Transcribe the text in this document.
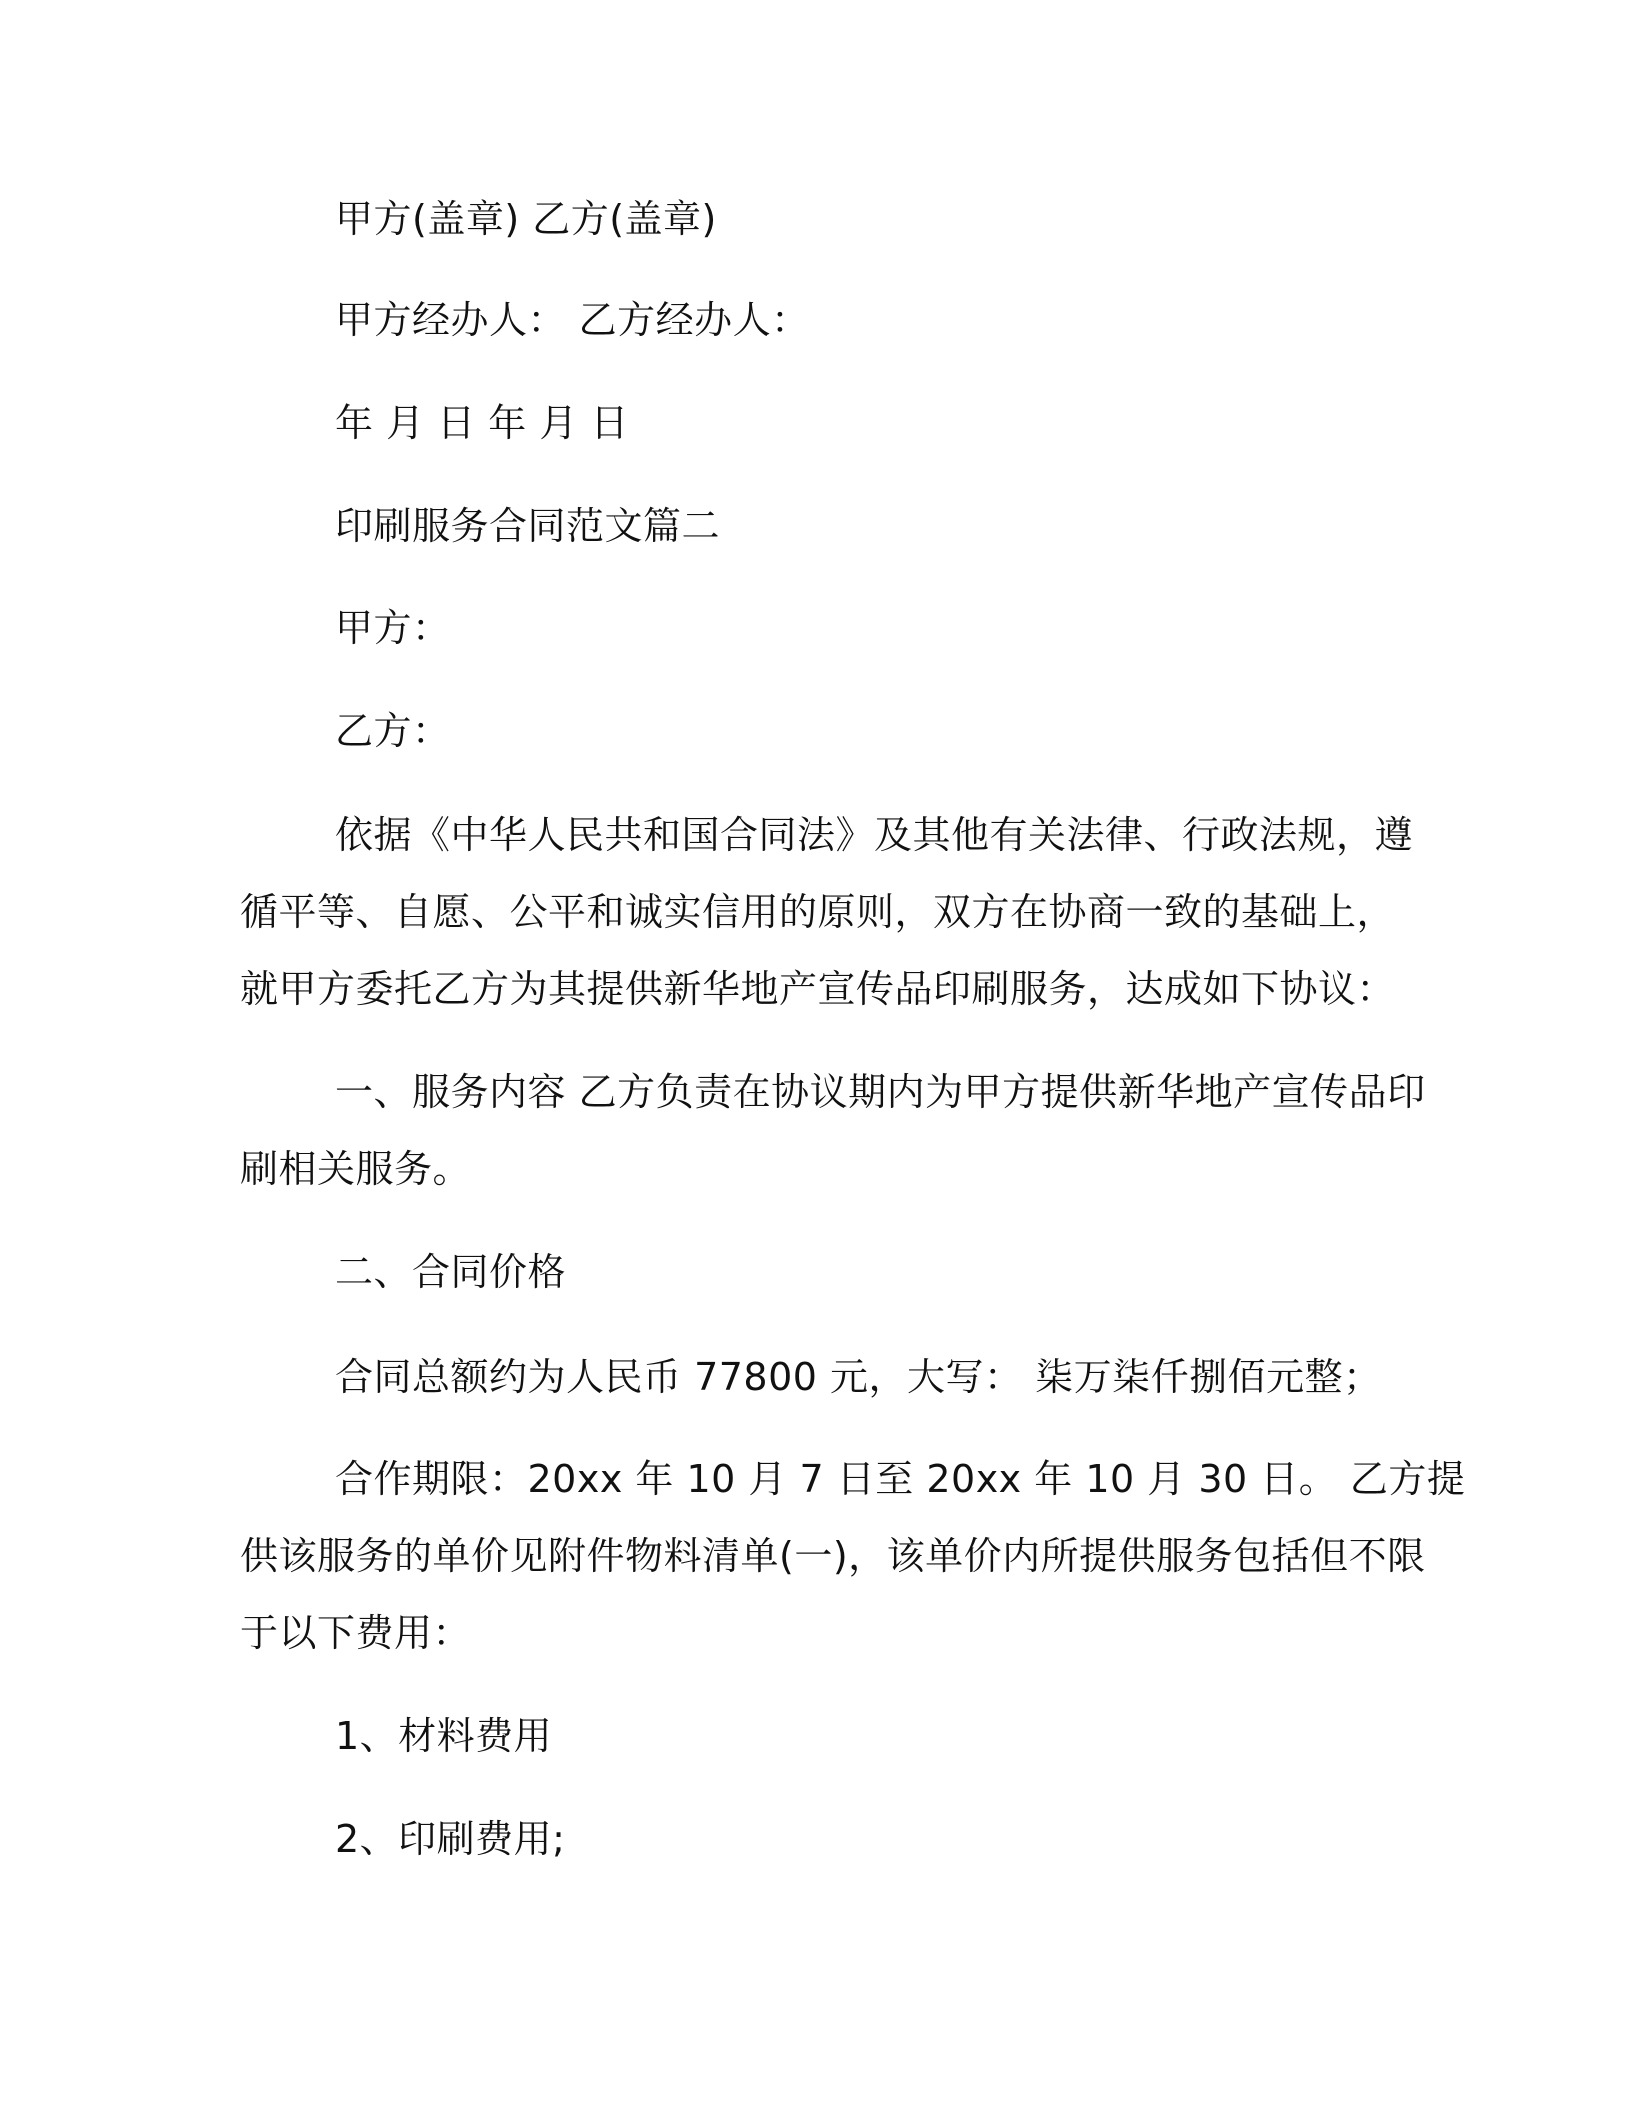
甲方(盖章) 乙方(盖章)
甲方经办人： 乙方经办人：
年 月 日 年 月 日
印刷服务合同范文篇二
甲方：
乙方：
依据《中华人民共和国合同法》及其他有关法律、行政法规，遵
循平等、自愿、公平和诚实信用的原则，双方在协商一致的基础上，
就甲方委托乙方为其提供新华地产宣传品印刷服务，达成如下协议：
一、服务内容 乙方负责在协议期内为甲方提供新华地产宣传品印
刷相关服务。
二、合同价格
合同总额约为人民币 77800 元，大写： 柒万柒仟捌佰元整；
合作期限：20xx 年 10 月 7 日至 20xx 年 10 月 30 日。 乙方提
供该服务的单价见附件物料清单(一)，该单价内所提供服务包括但不限
于以下费用：
1、材料费用
2、印刷费用;
